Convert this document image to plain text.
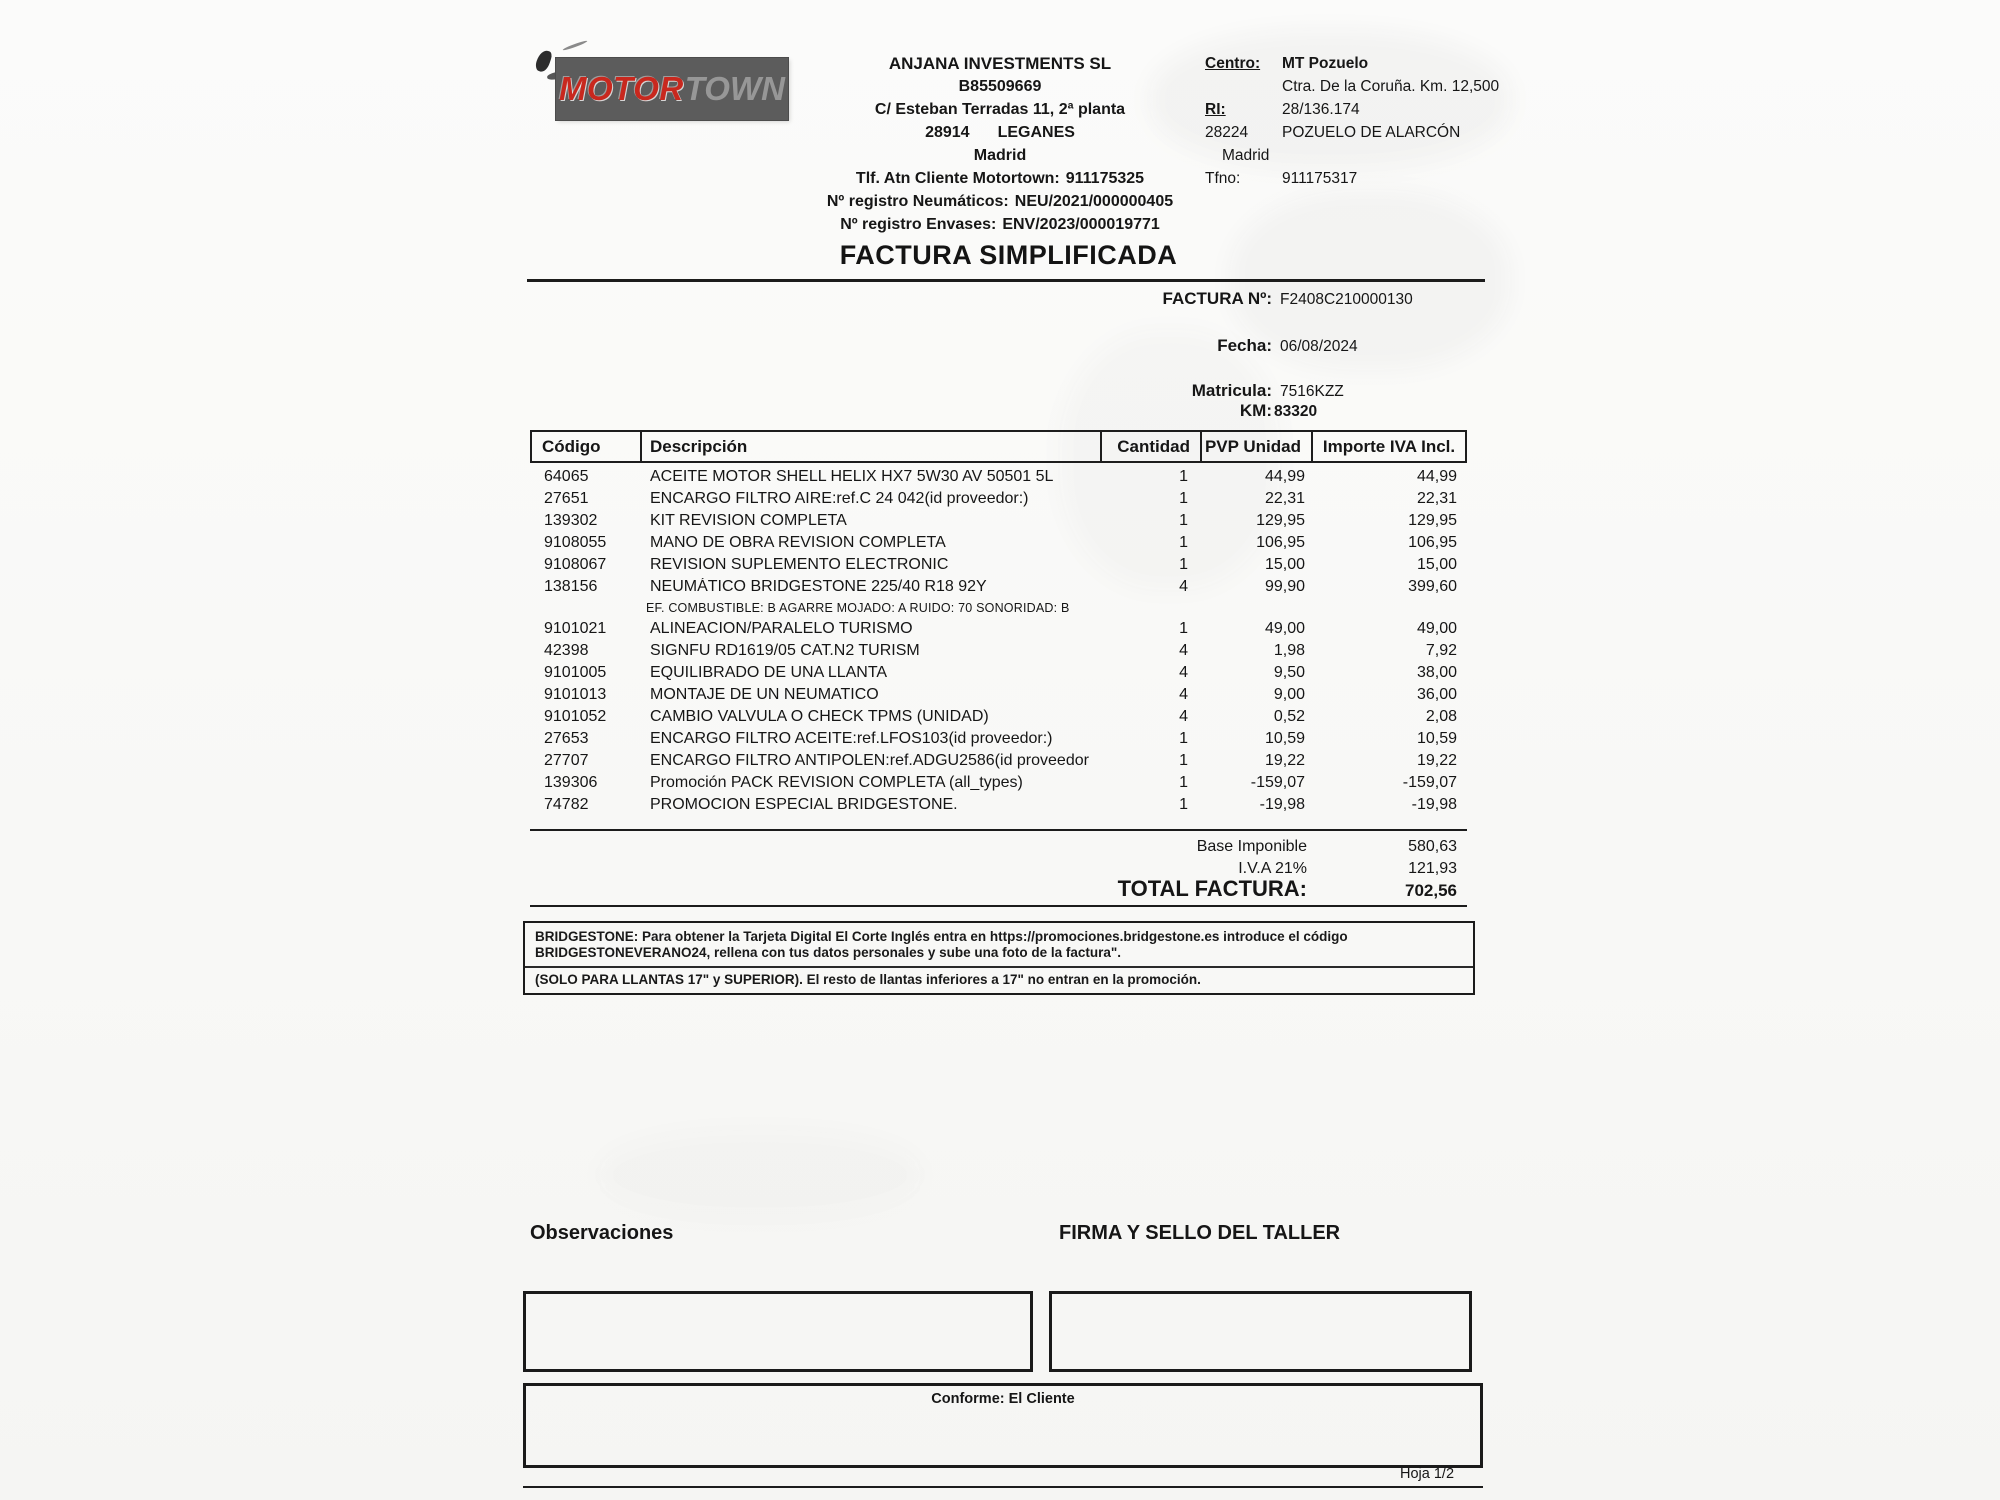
MOTOR TOWN
ANJANA INVESTMENTS SL
B85509669
C/ Esteban Terradas 11, 2ª planta
28914 LEGANES
Madrid
Tlf. Atn Cliente Motortown: 911175325
Nº registro Neumáticos: NEU/2021/000000405
Nº registro Envases: ENV/2023/000019771
Centro:	MT Pozuelo
Ctra. De la Coruña. Km. 12,500
RI:	28/136.174
28224	POZUELO DE ALARCÓN
Madrid
Tfno:	911175317
FACTURA SIMPLIFICADA
FACTURA Nº: F2408C210000130
Fecha: 06/08/2024
Matricula: 7516KZZ
KM: 83320
Código	Descripción	Cantidad PVP Unidad	Importe IVA Incl.
64065	ACEITE MOTOR SHELL HELIX HX7 5W30 AV 50501 5L	1	44,99	44,99
27651	ENCARGO FILTRO AIRE:ref.C 24 042(id proveedor:)	1	22,31	22,31
139302	KIT REVISION COMPLETA	1	129,95	129,95
9108055	MANO DE OBRA REVISION COMPLETA	1	106,95	106,95
9108067	REVISION SUPLEMENTO ELECTRONIC	1	15,00	15,00
138156	NEUMÁTICO BRIDGESTONE 225/40 R18 92Y	4	99,90	399,60
EF. COMBUSTIBLE: B AGARRE MOJADO: A RUIDO: 70 SONORIDAD: B
9101021	ALINEACION/PARALELO TURISMO	1	49,00	49,00
42398	SIGNFU RD1619/05 CAT.N2 TURISM	4	1,98	7,92
9101005	EQUILIBRADO DE UNA LLANTA	4	9,50	38,00
9101013	MONTAJE DE UN NEUMATICO	4	9,00	36,00
9101052	CAMBIO VALVULA O CHECK TPMS (UNIDAD)	4	0,52	2,08
27653	ENCARGO FILTRO ACEITE:ref.LFOS103(id proveedor:)	1	10,59	10,59
27707	ENCARGO FILTRO ANTIPOLEN:ref.ADGU2586(id proveedor	1	19,22	19,22
139306	Promoción PACK REVISION COMPLETA (all_types)	1	-159,07	-159,07
74782	PROMOCION ESPECIAL BRIDGESTONE.	1	-19,98	-19,98
Base Imponible	580,63
I.V.A 21%	121,93
TOTAL FACTURA:	702,56
BRIDGESTONE: Para obtener la Tarjeta Digital El Corte Inglés entra en https://promociones.bridgestone.es introduce el código BRIDGESTONEVERANO24, rellena con tus datos personales y sube una foto de la factura".
(SOLO PARA LLANTAS 17" y SUPERIOR). El resto de llantas inferiores a 17" no entran en la promoción.
Observaciones	FIRMA Y SELLO DEL TALLER
Conforme: El Cliente
Hoja 1/2
